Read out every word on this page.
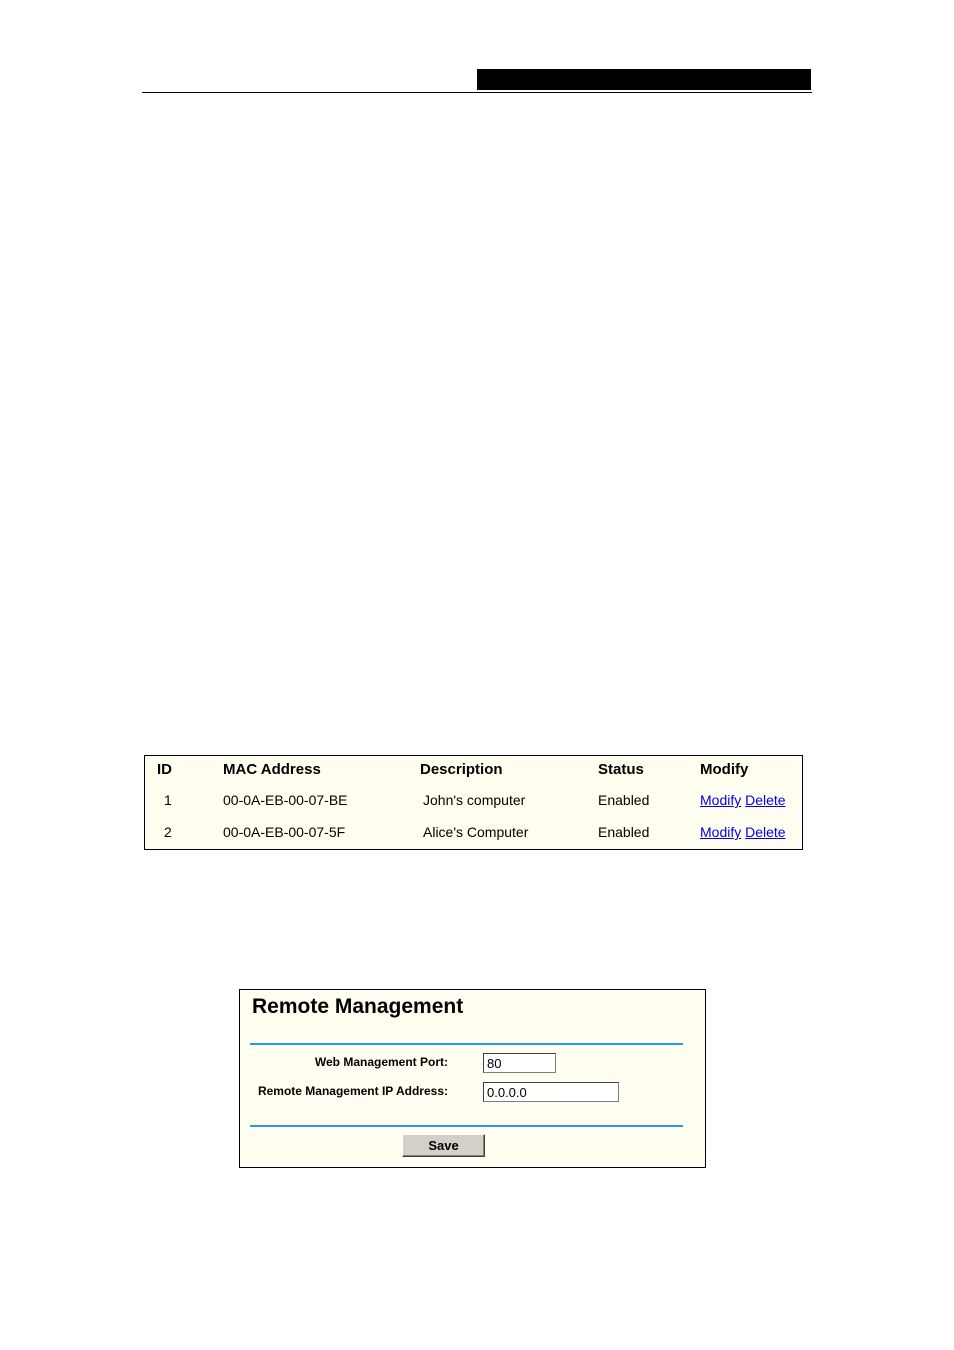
ID	MAC Address	Description	Status	Modify
1	00-0A-EB-00-07-BE	John's computer	Enabled	Modify Delete
2	00-0A-EB-00-07-5F	Alice's Computer	Enabled	Modify Delete
Remote Management
Web Management Port:
80
Remote Management IP Address:
0.0.0.0
Save
